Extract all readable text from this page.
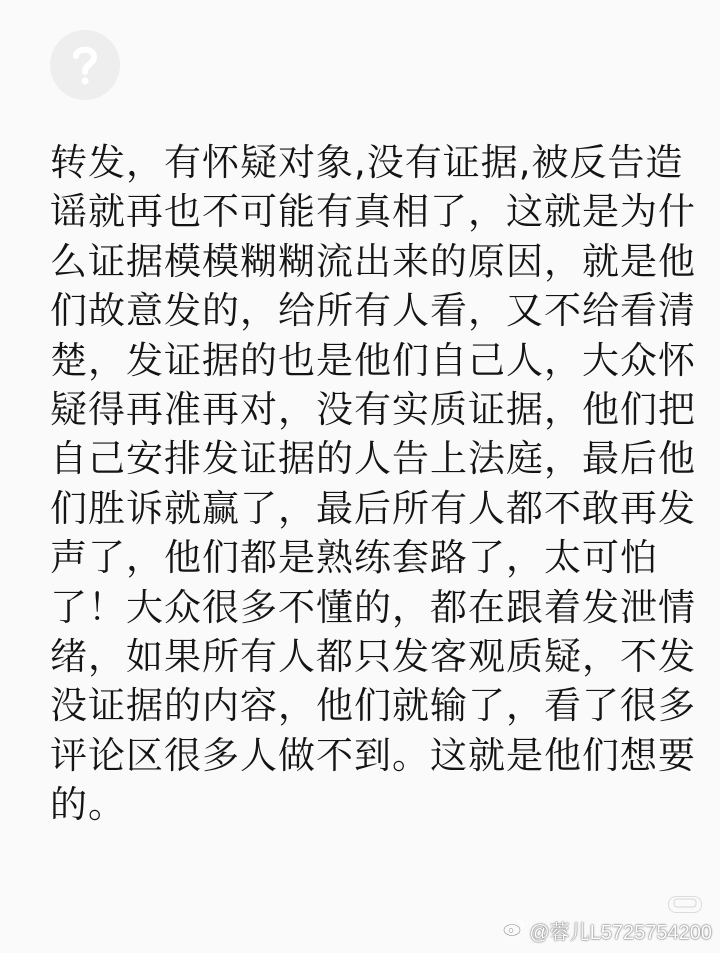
转发，有怀疑对象,没有证据,被反告造
谣就再也不可能有真相了，这就是为什
么证据模模糊糊流出来的原因，就是他
们故意发的，给所有人看，又不给看清
楚，发证据的也是他们自己人，大众怀
疑得再准再对，没有实质证据，他们把
自己安排发证据的人告上法庭，最后他
们胜诉就赢了，最后所有人都不敢再发
声了，他们都是熟练套路了，太可怕
了！大众很多不懂的，都在跟着发泄情
绪，如果所有人都只发客观质疑，不发
没证据的内容，他们就输了，看了很多
评论区很多人做不到。这就是他们想要
的。
@蓉儿L5725754200
